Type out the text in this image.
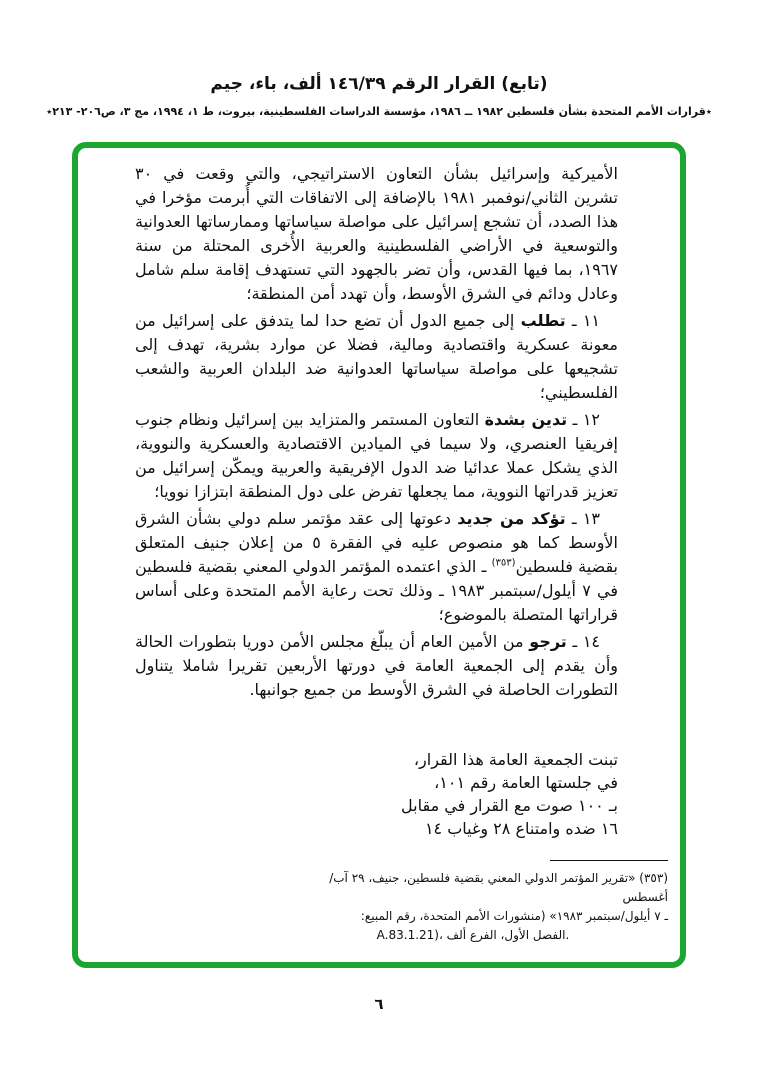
(تابع) القرار الرقم ١٤٦/٣٩ ألف، باء، جيم
٭قرارات الأمم المتحدة بشأن فلسطين ١٩٨٢ ــ ١٩٨٦، مؤسسة الدراسات الفلسطينية، بيروت، ط ١، ١٩٩٤، مج ٣، ص٢٠٦- ٢١٣٭

الأميركية وإسرائيل بشأن التعاون الاستراتيجي، والتي وقعت في ٣٠ تشرين الثاني/نوفمبر ١٩٨١ بالإضافة إلى الاتفاقات التي أُبرمت مؤخرا في هذا الصدد، أن تشجع إسرائيل على مواصلة سياساتها وممارساتها العدوانية والتوسعية في الأراضي الفلسطينية والعربية الأُخرى المحتلة من سنة ١٩٦٧، بما فيها القدس، وأن تضر بالجهود التي تستهدف إقامة سلم شامل وعادل ودائم في الشرق الأوسط، وأن تهدد أمن المنطقة؛

١١ ـ تطلب إلى جميع الدول أن تضع حدا لما يتدفق على إسرائيل من معونة عسكرية واقتصادية ومالية، فضلا عن موارد بشرية، تهدف إلى تشجيعها على مواصلة سياساتها العدوانية ضد البلدان العربية والشعب الفلسطيني؛

١٢ ـ تدين بشدة التعاون المستمر والمتزايد بين إسرائيل ونظام جنوب إفريقيا العنصري، ولا سيما في الميادين الاقتصادية والعسكرية والنووية، الذي يشكل عملا عدائيا ضد الدول الإفريقية والعربية ويمكّن إسرائيل من تعزيز قدراتها النووية، مما يجعلها تفرض على دول المنطقة ابتزازا نوويا؛

١٣ ـ تؤكد من جديد دعوتها إلى عقد مؤتمر سلم دولي بشأن الشرق الأوسط كما هو منصوص عليه في الفقرة ٥ من إعلان جنيف المتعلق بقضية فلسطين$^{(٣٥٣)}$ ـ الذي اعتمده المؤتمر الدولي المعني بقضية فلسطين في ٧ أيلول/سبتمبر ١٩٨٣ ـ وذلك تحت رعاية الأمم المتحدة وعلى أساس قراراتها المتصلة بالموضوع؛

١٤ ـ ترجو من الأمين العام أن يبلّغ مجلس الأمن دوريا بتطورات الحالة وأن يقدم إلى الجمعية العامة في دورتها الأربعين تقريرا شاملا يتناول التطورات الحاصلة في الشرق الأوسط من جميع جوانبها.

تبنت الجمعية العامة هذا القرار،
في جلستها العامة رقم ١٠١،
بـ ١٠٠ صوت مع القرار في مقابل
١٦ ضده وامتناع ٢٨ وغياب ١٤
(٣٥٣) «تقرير المؤتمر الدولي المعني بقضية فلسطين، جنيف، ٢٩ آب/أغسطس
ـ ٧ أيلول/سبتمبر ١٩٨٣» (منشورات الأمم المتحدة، رقم المبيع:
A.83.1.21)، الفصل الأول، الفرع ألف.
٦
